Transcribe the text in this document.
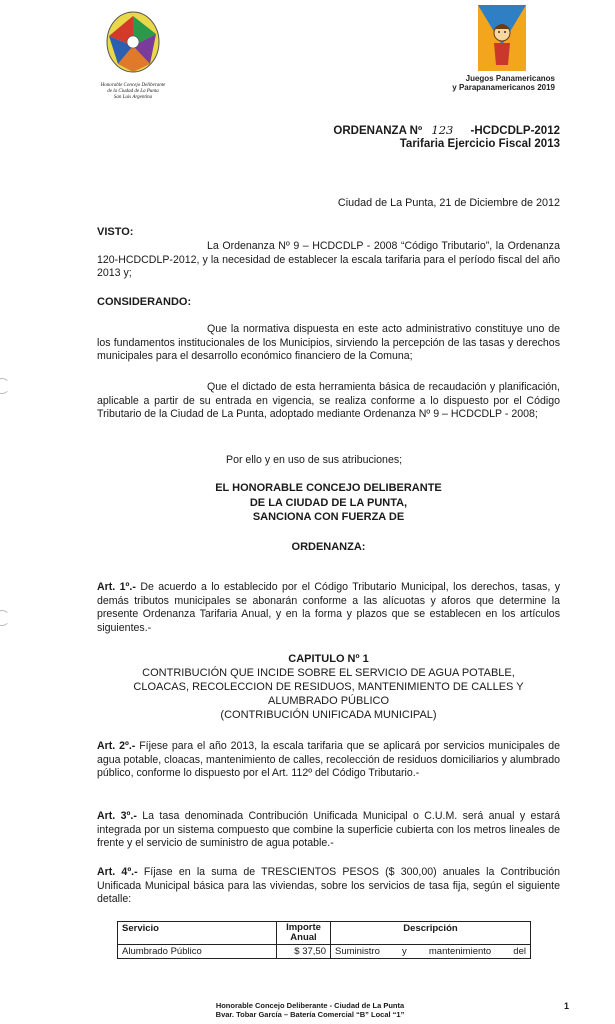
Honorable Concejo Deliberante
de la Ciudad de La Punta
San Luis Argentina
Juegos Panamericanos
y Parapanamericanos 2019
ORDENANZA Nº 123 -HCDCDLP-2012
Tarifaria Ejercicio Fiscal 2013
Ciudad de La Punta, 21 de Diciembre de 2012
VISTO:

La Ordenanza Nº 9 – HCDCDLP - 2008 “Código Tributario”, la Ordenanza 120-HCDCDLP-2012, y la necesidad de establecer la escala tarifaria para el período fiscal del año 2013 y;

CONSIDERANDO:

Que la normativa dispuesta en este acto administrativo constituye uno de los fundamentos institucionales de los Municipios, sirviendo la percepción de las tasas y derechos municipales para el desarrollo económico financiero de la Comuna;

Que el dictado de esta herramienta básica de recaudación y planificación, aplicable a partir de su entrada en vigencia, se realiza conforme a lo dispuesto por el Código Tributario de la Ciudad de La Punta, adoptado mediante Ordenanza Nº 9 – HCDCDLP - 2008;

Por ello y en uso de sus atribuciones;
EL HONORABLE CONCEJO DELIBERANTE
DE LA CIUDAD DE LA PUNTA,
SANCIONA CON FUERZA DE
ORDENANZA:

Art. 1º.- De acuerdo a lo establecido por el Código Tributario Municipal, los derechos, tasas, y demás tributos municipales se abonarán conforme a las alícuotas y aforos que determine la presente Ordenanza Tarifaria Anual, y en la forma y plazos que se establecen en los artículos siguientes.-

CAPITULO Nº 1
CONTRIBUCIÓN QUE INCIDE SOBRE EL SERVICIO DE AGUA POTABLE,
CLOACAS, RECOLECCION DE RESIDUOS, MANTENIMIENTO DE CALLES Y
ALUMBRADO PÚBLICO
(CONTRIBUCIÓN UNIFICADA MUNICIPAL)

Art. 2º.- Fíjese para el año 2013, la escala tarifaria que se aplicará por servicios municipales de agua potable, cloacas, mantenimiento de calles, recolección de residuos domiciliarios y alumbrado público, conforme lo dispuesto por el Art. 112º del Código Tributario.-

Art. 3º.- La tasa denominada Contribución Unificada Municipal o C.U.M. será anual y estará integrada por un sistema compuesto que combine la superficie cubierta con los metros lineales de frente y el servicio de suministro de agua potable.-

Art. 4º.- Fíjase en la suma de TRESCIENTOS PESOS ($ 300,00) anuales la Contribución Unificada Municipal básica para las viviendas, sobre los servicios de tasa fija, según el siguiente detalle:

Servicio	Importe Anual	Descripción
Alumbrado Público	$ 37,50	Suministro y mantenimiento del
Honorable Concejo Deliberante - Ciudad de La Punta
Bvar. Tobar García – Batería Comercial “B” Local “1”
1
